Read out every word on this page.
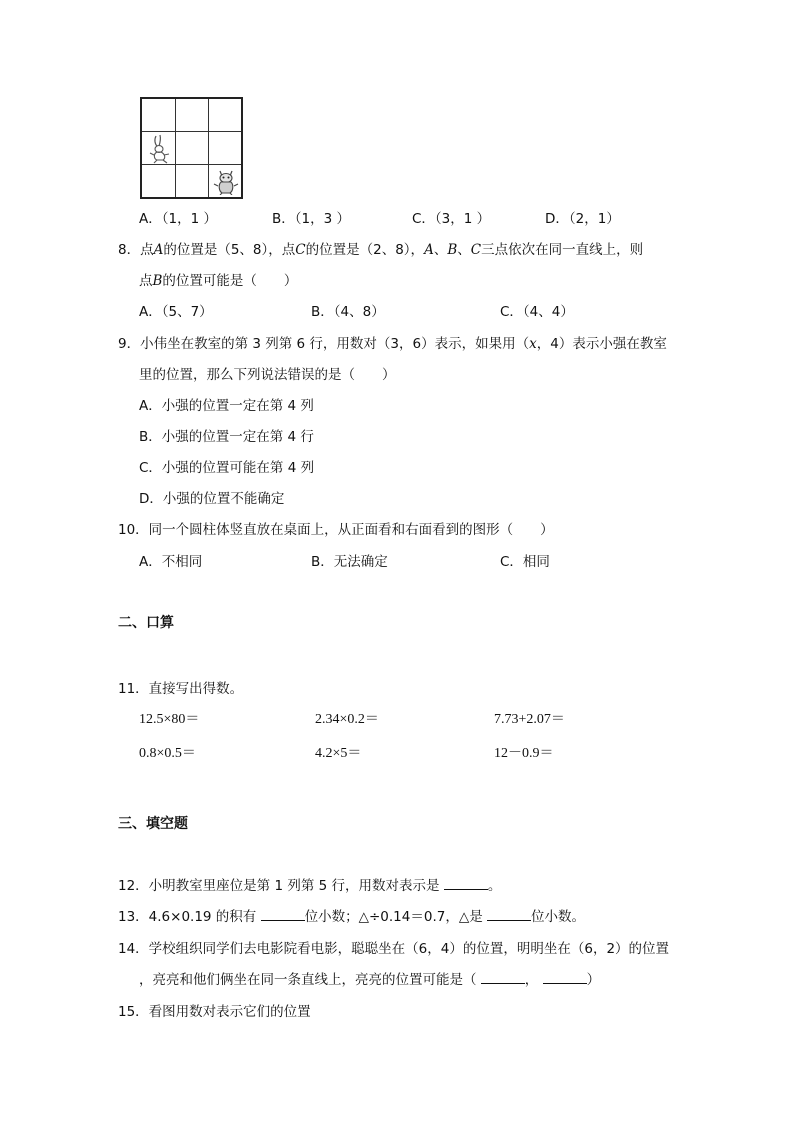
A．（1，1 ）	B．（1，3 ）	C．（3，1 ）	D．（2，1）
8．点A的位置是（5、8），点C的位置是（2、8），A、B、C三点依次在同一直线上，则
点B的位置可能是（　　）
A．（5、7）	B．（4、8）	C．（4、4）
9．小伟坐在教室的第 3 列第 6 行，用数对（3，6）表示，如果用（x，4）表示小强在教室
里的位置，那么下列说法错误的是（　　）
A．小强的位置一定在第 4 列
B．小强的位置一定在第 4 行
C．小强的位置可能在第 4 列
D．小强的位置不能确定
10．同一个圆柱体竖直放在桌面上，从正面看和右面看到的图形（　　）
A．不相同	B．无法确定	C．相同
二、口算
11．直接写出得数。
12.5×80＝	2.34×0.2＝	7.73+2.07＝
0.8×0.5＝	4.2×5＝	12－0.9＝
三、填空题
12．小明教室里座位是第 1 列第 5 行，用数对表示是	。
13．4.6×0.19 的积有	位小数；△÷0.14＝0.7，△是	位小数。
14．学校组织同学们去电影院看电影，聪聪坐在（6，4）的位置，明明坐在（6，2）的位置
，亮亮和他们俩坐在同一条直线上，亮亮的位置可能是（	，	）
15．看图用数对表示它们的位置
